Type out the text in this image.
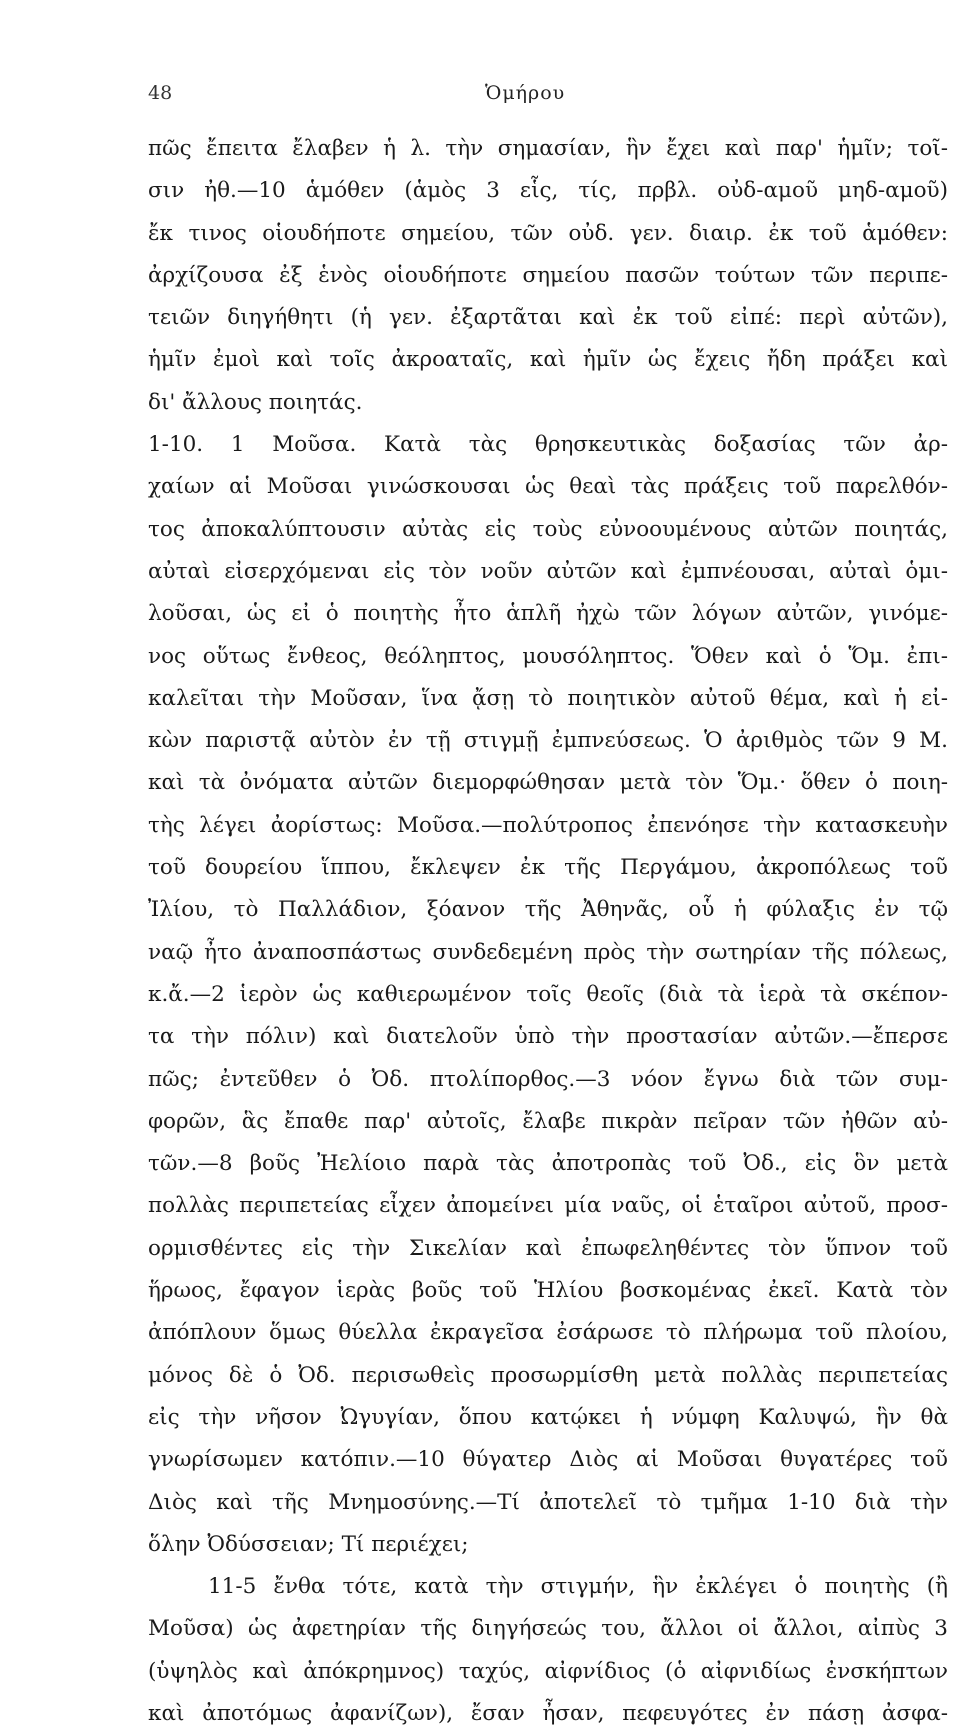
48	Ὁμήρου
πῶς ἔπειτα ἔλαβεν ἡ λ. τὴν σημασίαν, ἣν ἔχει καὶ παρ' ἡμῖν; τοῖ-
σιν ἠθ.—10 ἁμόθεν (ἁμὸς 3 εἷς, τίς, πρβλ. οὐδ-αμοῦ μηδ-αμοῦ)
ἔκ τινος οἱουδήποτε σημείου, τῶν οὐδ. γεν. διαιρ. ἐκ τοῦ ἁμόθεν:
ἀρχίζουσα ἐξ ἑνὸς οἱουδήποτε σημείου πασῶν τούτων τῶν περιπε-
τειῶν διηγήθητι (ἡ γεν. ἐξαρτᾶται καὶ ἐκ τοῦ εἰπέ: περὶ αὐτῶν),
ἡμῖν ἐμοὶ καὶ τοῖς ἀκροαταῖς, καὶ ἡμῖν ὡς ἔχεις ἤδη πράξει καὶ
δι' ἄλλους ποιητάς.
1-10. 1 Μοῦσα. Κατὰ τὰς θρησκευτικὰς δοξασίας τῶν ἀρ-
χαίων αἱ Μοῦσαι γινώσκουσαι ὡς θεαὶ τὰς πράξεις τοῦ παρελθόν-
τος ἀποκαλύπτουσιν αὐτὰς εἰς τοὺς εὐνοουμένους αὐτῶν ποιητάς,
αὐταὶ εἰσερχόμεναι εἰς τὸν νοῦν αὐτῶν καὶ ἐμπνέουσαι, αὐταὶ ὁμι-
λοῦσαι, ὡς εἰ ὁ ποιητὴς ἦτο ἁπλῆ ἠχὼ τῶν λόγων αὐτῶν, γινόμε-
νος οὕτως ἔνθεος, θεόληπτος, μουσόληπτος. Ὅθεν καὶ ὁ Ὅμ. ἐπι-
καλεῖται τὴν Μοῦσαν, ἵνα ᾄσῃ τὸ ποιητικὸν αὐτοῦ θέμα, καὶ ἡ εἰ-
κὼν παριστᾷ αὐτὸν ἐν τῇ στιγμῇ ἐμπνεύσεως. Ὁ ἀριθμὸς τῶν 9 Μ.
καὶ τὰ ὀνόματα αὐτῶν διεμορφώθησαν μετὰ τὸν Ὅμ.· ὅθεν ὁ ποιη-
τὴς λέγει ἀορίστως: Μοῦσα.—πολύτροπος ἐπενόησε τὴν κατασκευὴν
τοῦ δουρείου ἵππου, ἔκλεψεν ἐκ τῆς Περγάμου, ἀκροπόλεως τοῦ
Ἰλίου, τὸ Παλλάδιον, ξόανον τῆς Ἀθηνᾶς, οὗ ἡ φύλαξις ἐν τῷ
ναῷ ἦτο ἀναποσπάστως συνδεδεμένη πρὸς τὴν σωτηρίαν τῆς πόλεως,
κ.ἄ.—2 ἱερὸν ὡς καθιερωμένον τοῖς θεοῖς (διὰ τὰ ἱερὰ τὰ σκέπον-
τα τὴν πόλιν) καὶ διατελοῦν ὑπὸ τὴν προστασίαν αὐτῶν.—ἔπερσε
πῶς; ἐντεῦθεν ὁ Ὀδ. πτολίπορθος.—3 νόον ἔγνω διὰ τῶν συμ-
φορῶν, ἃς ἔπαθε παρ' αὐτοῖς, ἔλαβε πικρὰν πεῖραν τῶν ἠθῶν αὐ-
τῶν.—8 βοῦς Ἠελίοιο παρὰ τὰς ἀποτροπὰς τοῦ Ὀδ., εἰς ὃν μετὰ
πολλὰς περιπετείας εἶχεν ἀπομείνει μία ναῦς, οἱ ἑταῖροι αὐτοῦ, προσ-
ορμισθέντες εἰς τὴν Σικελίαν καὶ ἐπωφεληθέντες τὸν ὕπνον τοῦ
ἥρωος, ἔφαγον ἱερὰς βοῦς τοῦ Ἡλίου βοσκομένας ἐκεῖ. Κατὰ τὸν
ἀπόπλουν ὅμως θύελλα ἐκραγεῖσα ἐσάρωσε τὸ πλήρωμα τοῦ πλοίου,
μόνος δὲ ὁ Ὀδ. περισωθεὶς προσωρμίσθη μετὰ πολλὰς περιπετείας
εἰς τὴν νῆσον Ὠγυγίαν, ὅπου κατῴκει ἡ νύμφη Καλυψώ, ἣν θὰ
γνωρίσωμεν κατόπιν.—10 θύγατερ Διὸς αἱ Μοῦσαι θυγατέρες τοῦ
Διὸς καὶ τῆς Μνημοσύνης.—Τί ἀποτελεῖ τὸ τμῆμα 1-10 διὰ τὴν
ὅλην Ὀδύσσειαν; Τί περιέχει;
11-5 ἔνθα τότε, κατὰ τὴν στιγμήν, ἣν ἐκλέγει ὁ ποιητὴς (ἢ
Μοῦσα) ὡς ἀφετηρίαν τῆς διηγήσεώς του, ἄλλοι οἱ ἄλλοι, αἰπὺς 3
(ὑψηλὸς καὶ ἀπόκρημνος) ταχύς, αἰφνίδιος (ὁ αἰφνιδίως ἐνσκήπτων
καὶ ἀποτόμως ἀφανίζων), ἔσαν ἦσαν, πεφευγότες ἐν πάσῃ ἀσφα-
